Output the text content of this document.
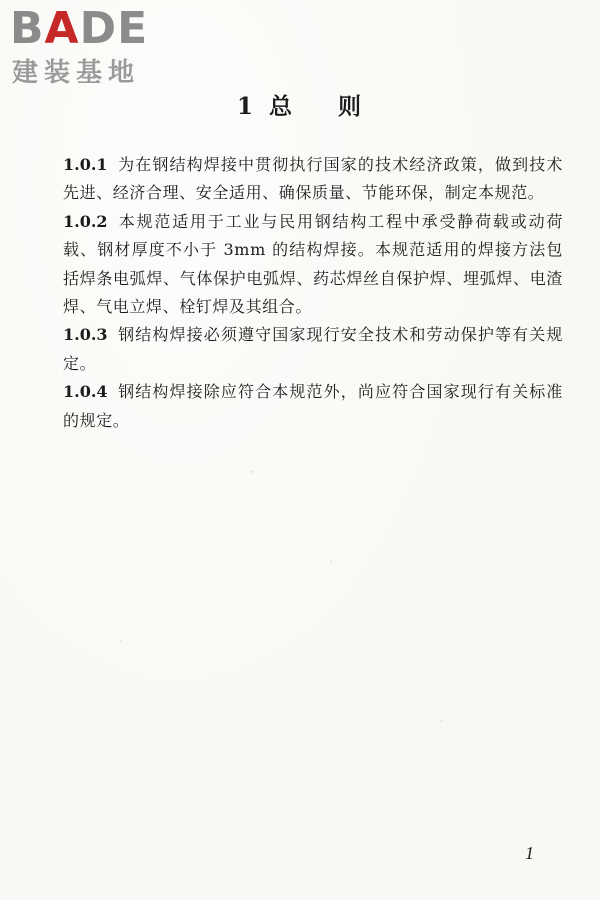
BADE
建装基地
1 总 则

1.0.1 为在钢结构焊接中贯彻执行国家的技术经济政策，做到技术先进、经济合理、安全适用、确保质量、节能环保，制定本规范。

1.0.2 本规范适用于工业与民用钢结构工程中承受静荷载或动荷载、钢材厚度不小于 3mm 的结构焊接。本规范适用的焊接方法包括焊条电弧焊、气体保护电弧焊、药芯焊丝自保护焊、埋弧焊、电渣焊、气电立焊、栓钉焊及其组合。

1.0.3 钢结构焊接必须遵守国家现行安全技术和劳动保护等有关规定。

1.0.4 钢结构焊接除应符合本规范外，尚应符合国家现行有关标准的规定。

1
